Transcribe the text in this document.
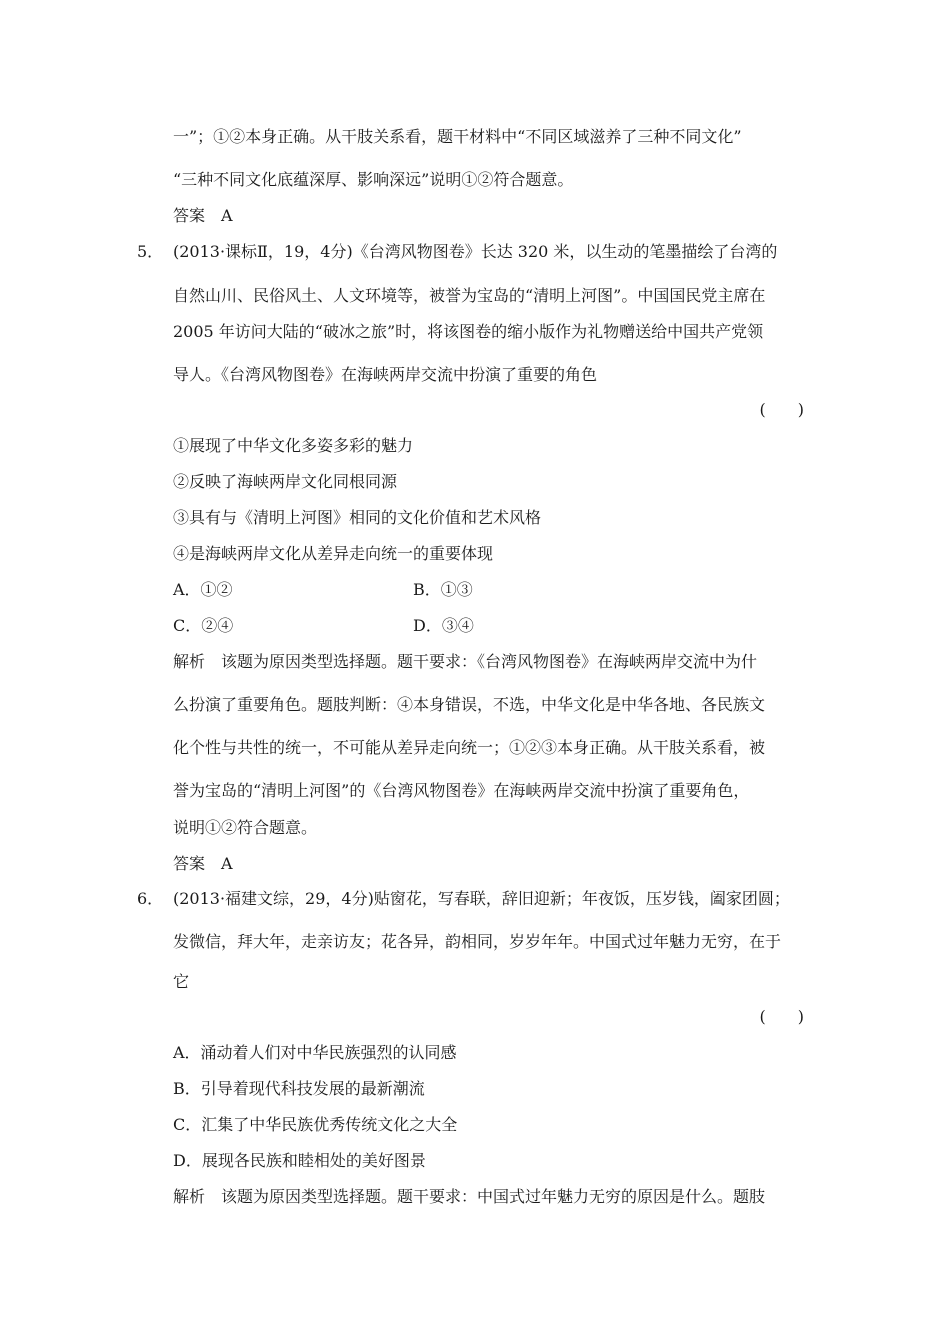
一”；①②本身正确。从干肢关系看，题干材料中“不同区域滋养了三种不同文化”
“三种不同文化底蕴深厚、影响深远”说明①②符合题意。
答案　A
5． (2013·课标Ⅱ，19，4分)《台湾风物图卷》长达 320 米，以生动的笔墨描绘了台湾的
自然山川、民俗风土、人文环境等，被誉为宝岛的“清明上河图”。中国国民党主席在
2005 年访问大陆的“破冰之旅”时，将该图卷的缩小版作为礼物赠送给中国共产党领
导人。《台湾风物图卷》在海峡两岸交流中扮演了重要的角色
(　　)
①展现了中华文化多姿多彩的魅力
②反映了海峡两岸文化同根同源
③具有与《清明上河图》相同的文化价值和艺术风格
④是海峡两岸文化从差异走向统一的重要体现
A．①②	B．①③
C．②④	D．③④
解析　该题为原因类型选择题。题干要求：《台湾风物图卷》在海峡两岸交流中为什
么扮演了重要角色。题肢判断：④本身错误，不选，中华文化是中华各地、各民族文
化个性与共性的统一，不可能从差异走向统一；①②③本身正确。从干肢关系看，被
誉为宝岛的“清明上河图”的《台湾风物图卷》在海峡两岸交流中扮演了重要角色，
说明①②符合题意。
答案　A
6． (2013·福建文综，29，4分)贴窗花，写春联，辞旧迎新；年夜饭，压岁钱，阖家团圆；
发微信，拜大年，走亲访友；花各异，韵相同，岁岁年年。中国式过年魅力无穷，在于
它
(　　)
A．涌动着人们对中华民族强烈的认同感
B．引导着现代科技发展的最新潮流
C．汇集了中华民族优秀传统文化之大全
D．展现各民族和睦相处的美好图景
解析　该题为原因类型选择题。题干要求：中国式过年魅力无穷的原因是什么。题肢
